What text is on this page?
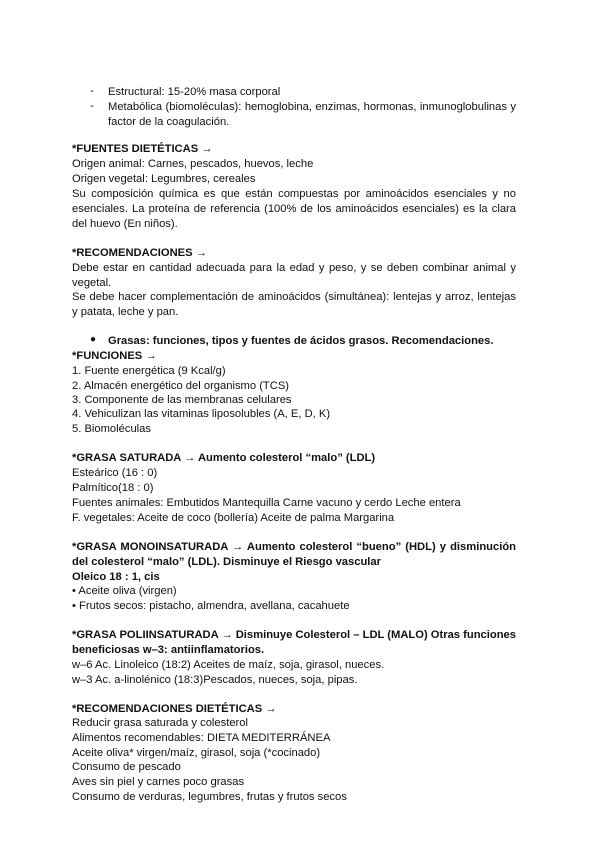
- Estructural: 15-20% masa corporal
- Metabólica (biomoléculas): hemoglobina, enzimas, hormonas, inmunoglobulinas y factor de la coagulación.
*FUENTES DIETÉTICAS →
Origen animal: Carnes, pescados, huevos, leche
Origen vegetal: Legumbres, cereales
Su composición química es que están compuestas por aminoácidos esenciales y no esenciales. La proteína de referencia (100% de los aminoácidos esenciales) es la clara del huevo (En niños).
*RECOMENDACIONES →
Debe estar en cantidad adecuada para la edad y peso, y se deben combinar animal y vegetal.
Se debe hacer complementación de aminoácidos (simultánea): lentejas y arroz, lentejas y patata, leche y pan.
● Grasas: funciones, tipos y fuentes de ácidos grasos. Recomendaciones.
*FUNCIONES →
1. Fuente energética (9 Kcal/g)
2. Almacén energético del organismo (TCS)
3. Componente de las membranas celulares
4. Vehiculizan las vitaminas liposolubles (A, E, D, K)
5. Biomoléculas
*GRASA SATURADA → Aumento colesterol “malo” (LDL)
Esteárico (16 : 0)
Palmítico(18 : 0)
Fuentes animales: Embutidos Mantequilla Carne vacuno y cerdo Leche entera
F. vegetales: Aceite de coco (bollería) Aceite de palma Margarina
*GRASA MONOINSATURADA → Aumento colesterol “bueno” (HDL) y disminución del colesterol “malo” (LDL). Disminuye el Riesgo vascular
Oleico 18 : 1, cis
• Aceite oliva (virgen)
• Frutos secos: pistacho, almendra, avellana, cacahuete
*GRASA POLIINSATURADA → Disminuye Colesterol – LDL (MALO) Otras funciones beneficiosas w–3: antiinflamatorios.
w–6 Ac. Linoleico (18:2) Aceites de maíz, soja, girasol, nueces.
w–3 Ac. a-linolénico (18:3)Pescados, nueces, soja, pipas.
*RECOMENDACIONES DIETÉTICAS →
Reducir grasa saturada y colesterol
Alimentos recomendables: DIETA MEDITERRÁNEA
Aceite oliva* virgen/maíz, girasol, soja (*cocinado)
Consumo de pescado
Aves sin piel y carnes poco grasas
Consumo de verduras, legumbres, frutas y frutos secos
